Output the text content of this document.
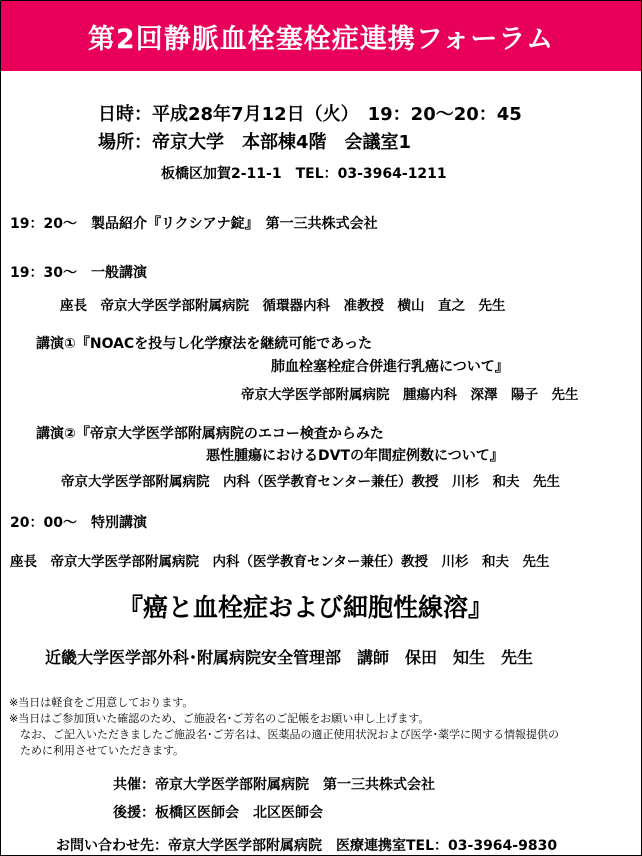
第2回静脈血栓塞栓症連携フォーラム
日時：平成28年7月12日（火）　19：20〜20：45
場所：帝京大学　本部棟4階　会議室1
板橋区加賀2-11-1　TEL：03-3964-1211
19：20〜　製品紹介『リクシアナ錠』　第一三共株式会社
19：30〜　一般講演
座長　帝京大学医学部附属病院　循環器内科　准教授　横山　直之　先生
講演①『NOACを投与し化学療法を継続可能であった
肺血栓塞栓症合併進行乳癌について』
帝京大学医学部附属病院　腫瘍内科　深澤　陽子　先生
講演②『帝京大学医学部附属病院のエコー検査からみた
悪性腫瘍におけるDVTの年間症例数について』
帝京大学医学部附属病院　内科（医学教育センター兼任）教授　川杉　和夫　先生
20：00〜　特別講演
座長　帝京大学医学部附属病院　内科（医学教育センター兼任）教授　川杉　和夫　先生
『癌と血栓症および細胞性線溶』
近畿大学医学部外科･附属病院安全管理部　講師　保田　知生　先生
※当日は軽食をご用意しております。
※当日はご参加頂いた確認のため、ご施設名･ご芳名のご記帳をお願い申し上げます。
　なお、ご記入いただきましたご施設名･ご芳名は、医薬品の適正使用状況および医学･薬学に関する情報提供の
　ために利用させていただきます。
共催：帝京大学医学部附属病院　第一三共株式会社
後援：板橋区医師会　北区医師会
お問い合わせ先：帝京大学医学部附属病院　医療連携室TEL：03-3964-9830
